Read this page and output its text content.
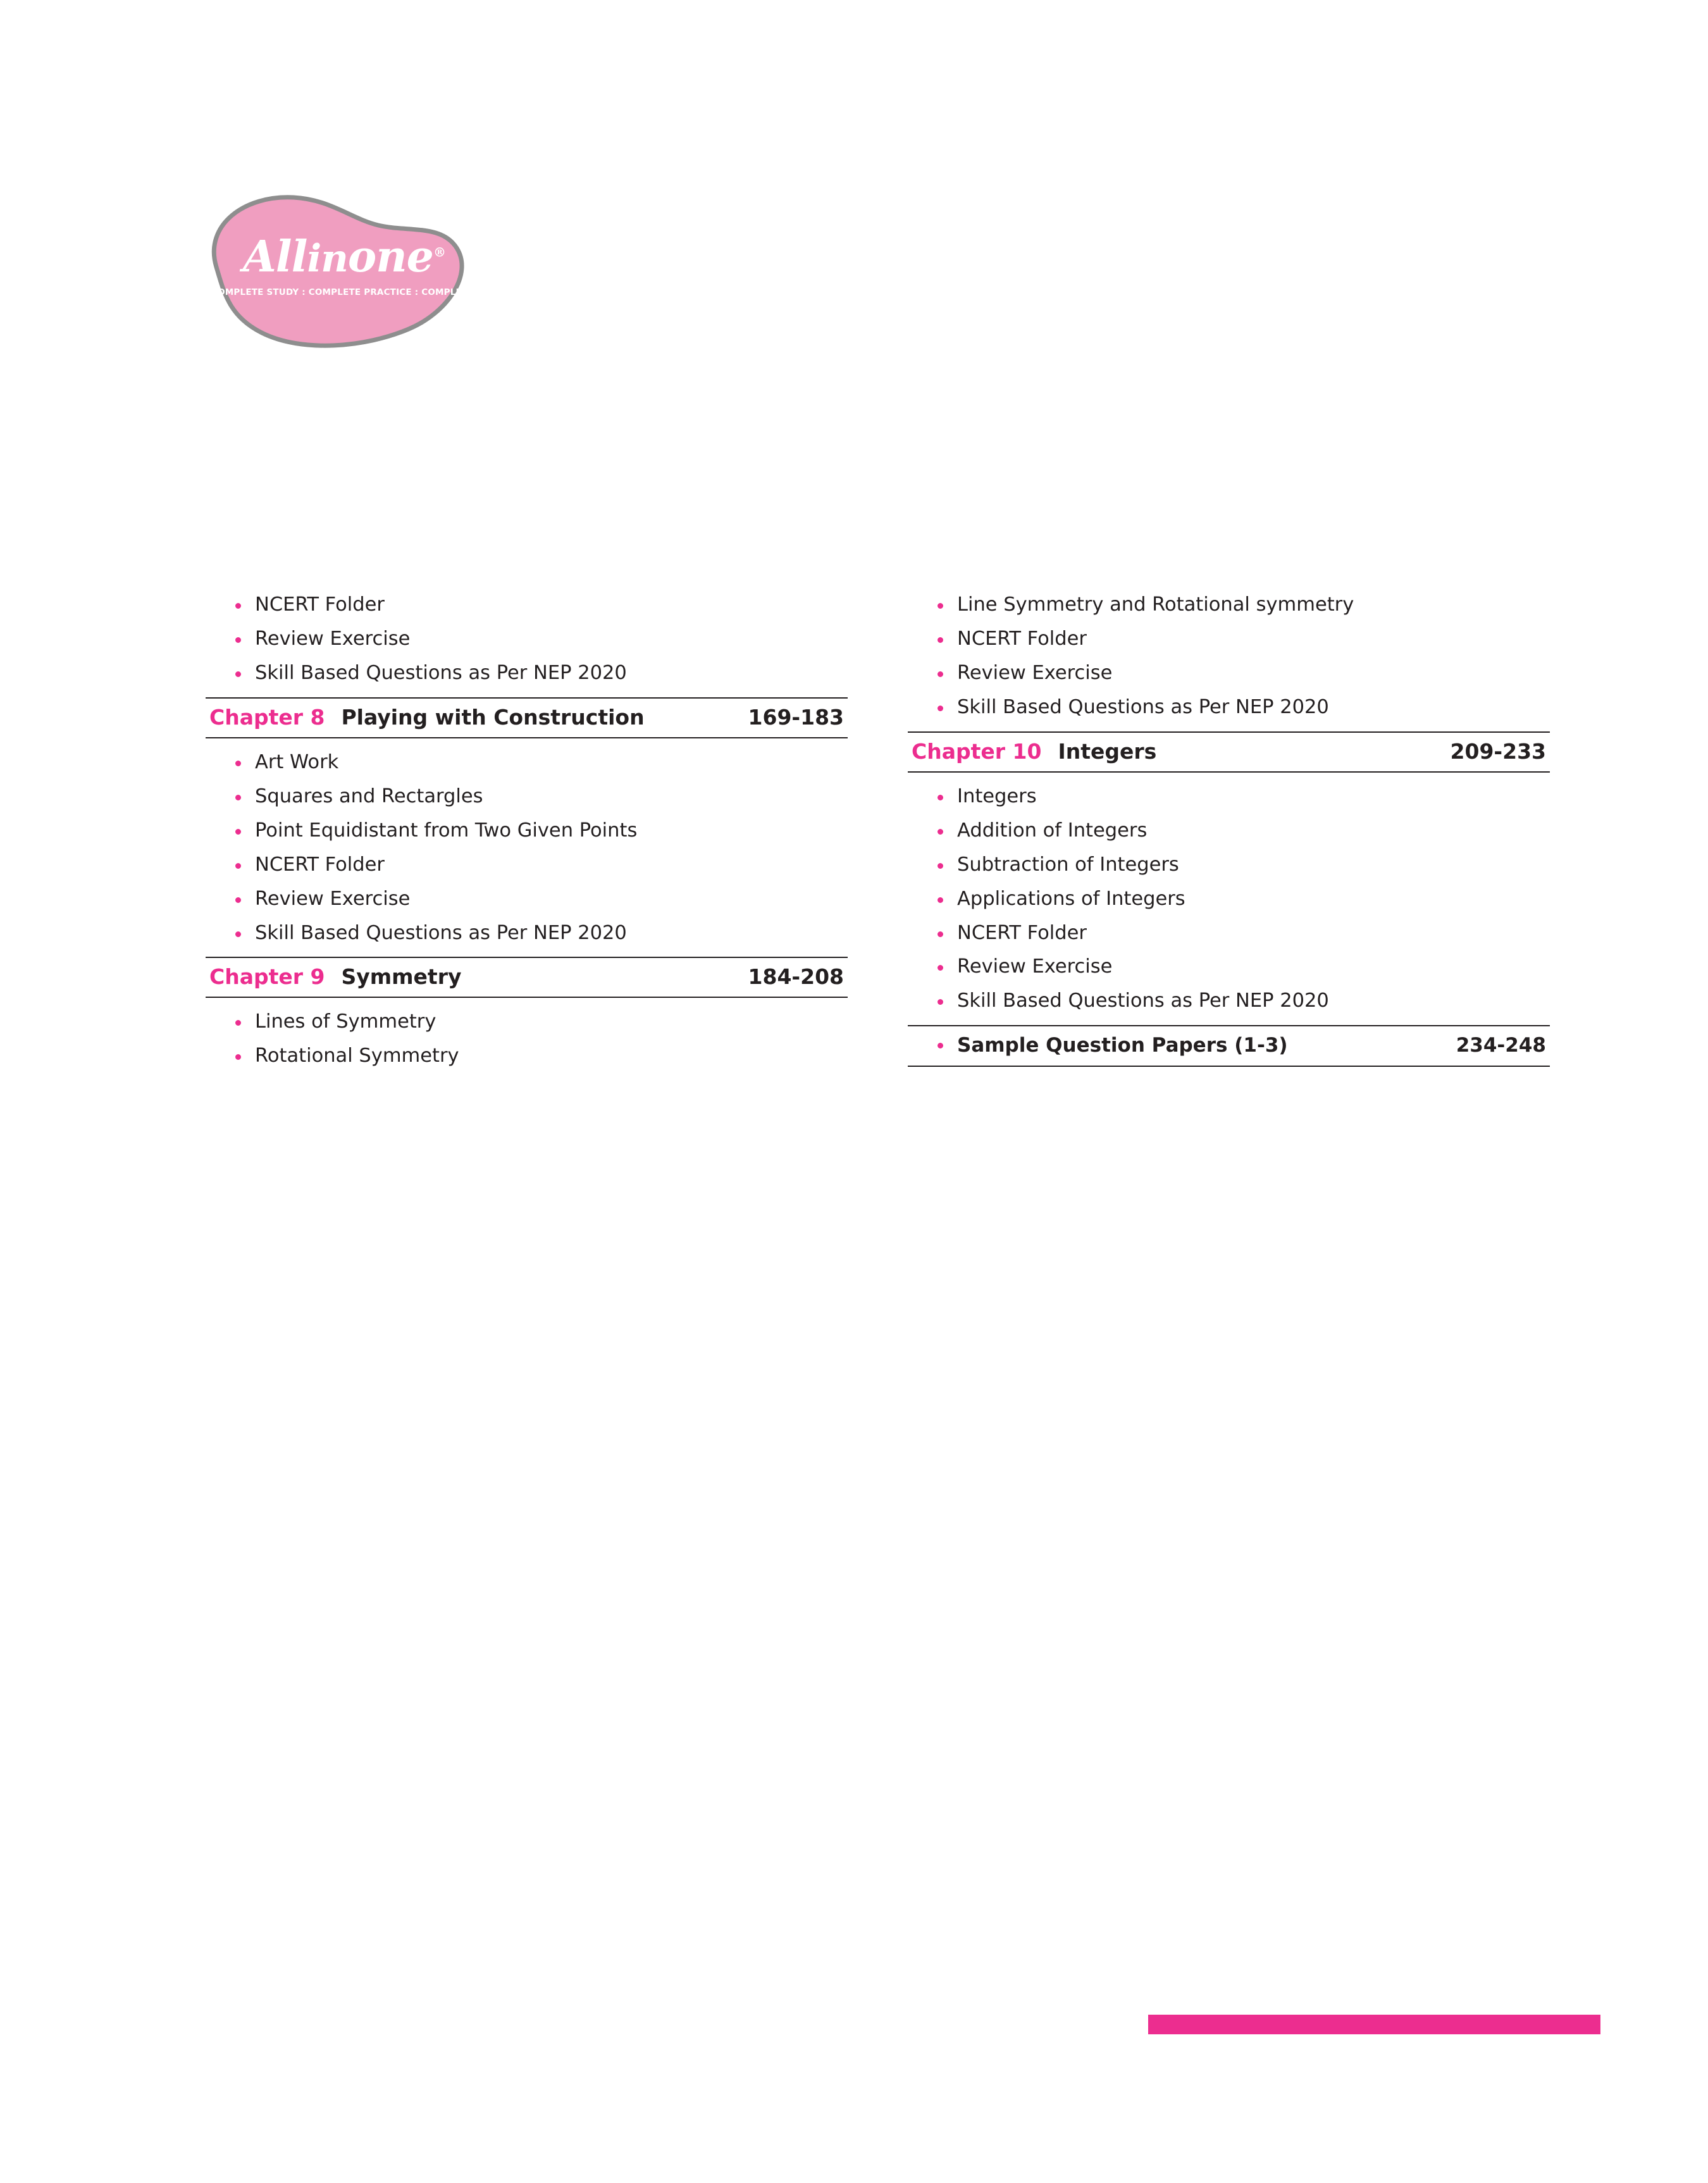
Allinone®
COMPLETE STUDY : COMPLETE PRACTICE : COMPLETE ASSESSMENT
NCERT Folder
Review Exercise
Skill Based Questions as Per NEP 2020
Chapter 8 Playing with Construction	169-183
Art Work
Squares and Rectargles
Point Equidistant from Two Given Points
NCERT Folder
Review Exercise
Skill Based Questions as Per NEP 2020
Chapter 9 Symmetry	184-208
Lines of Symmetry
Rotational Symmetry
Line Symmetry and Rotational symmetry
NCERT Folder
Review Exercise
Skill Based Questions as Per NEP 2020
Chapter 10 Integers	209-233
Integers
Addition of Integers
Subtraction of Integers
Applications of Integers
NCERT Folder
Review Exercise
Skill Based Questions as Per NEP 2020
Sample Question Papers (1-3)	234-248
